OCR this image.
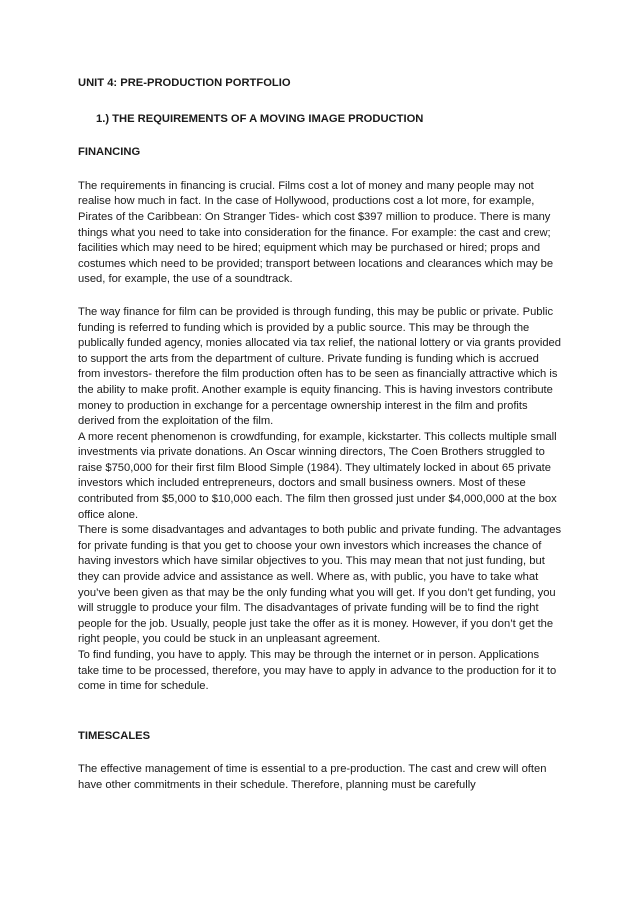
UNIT 4: PRE-PRODUCTION PORTFOLIO

1.) THE REQUIREMENTS OF A MOVING IMAGE PRODUCTION

FINANCING

The requirements in financing is crucial. Films cost a lot of money and many people may not realise how much in fact. In the case of Hollywood, productions cost a lot more, for example, Pirates of the Caribbean: On Stranger Tides- which cost $397 million to produce. There is many things what you need to take into consideration for the finance. For example: the cast and crew; facilities which may need to be hired; equipment which may be purchased or hired; props and costumes which need to be provided; transport between locations and clearances which may be used, for example, the use of a soundtrack.

The way finance for film can be provided is through funding, this may be public or private. Public funding is referred to funding which is provided by a public source. This may be through the publically funded agency, monies allocated via tax relief, the national lottery or via grants provided to support the arts from the department of culture. Private funding is funding which is accrued from investors- therefore the film production often has to be seen as financially attractive which is the ability to make profit. Another example is equity financing. This is having investors contribute money to production in exchange for a percentage ownership interest in the film and profits derived from the exploitation of the film.

A more recent phenomenon is crowdfunding, for example, kickstarter. This collects multiple small investments via private donations. An Oscar winning directors, The Coen Brothers struggled to raise $750,000 for their first film Blood Simple (1984). They ultimately locked in about 65 private investors which included entrepreneurs, doctors and small business owners. Most of these contributed from $5,000 to $10,000 each. The film then grossed just under $4,000,000 at the box office alone.

There is some disadvantages and advantages to both public and private funding. The advantages for private funding is that you get to choose your own investors which increases the chance of having investors which have similar objectives to you. This may mean that not just funding, but they can provide advice and assistance as well. Where as, with public, you have to take what you’ve been given as that may be the only funding what you will get. If you don’t get funding, you will struggle to produce your film. The disadvantages of private funding will be to find the right people for the job. Usually, people just take the offer as it is money. However, if you don’t get the right people, you could be stuck in an unpleasant agreement.

To find funding, you have to apply. This may be through the internet or in person. Applications take time to be processed, therefore, you may have to apply in advance to the production for it to come in time for schedule.

TIMESCALES

The effective management of time is essential to a pre-production. The cast and crew will often have other commitments in their schedule. Therefore, planning must be carefully
